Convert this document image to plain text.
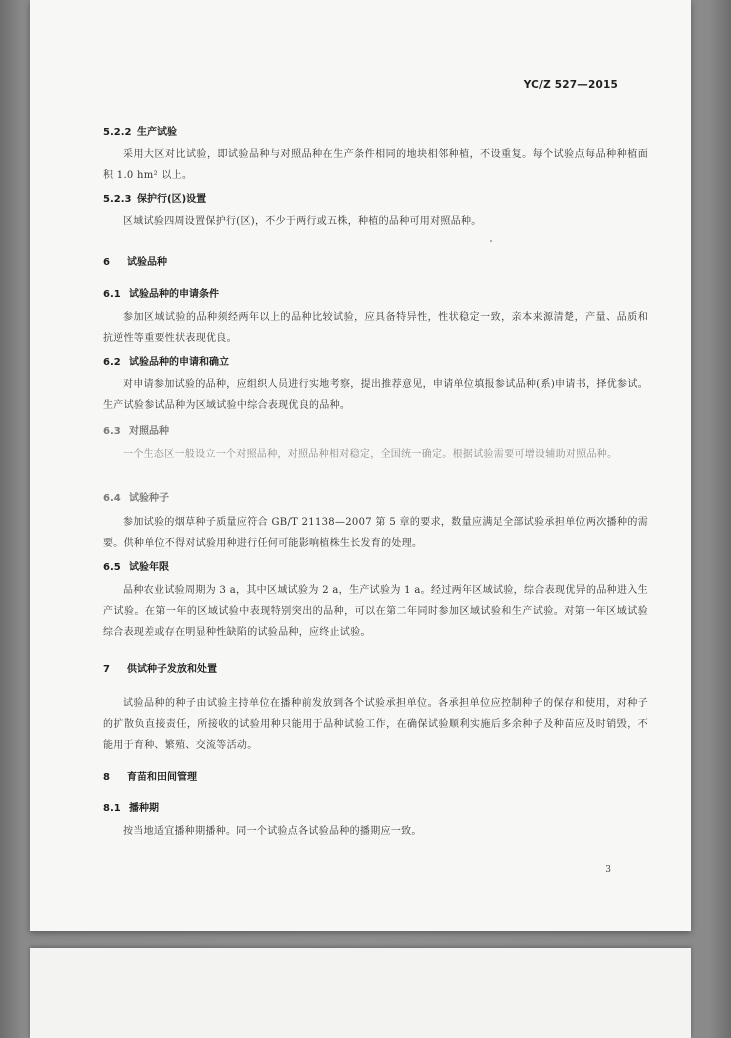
YC/Z 527—2015
5.2.2 生产试验
采用大区对比试验，即试验品种与对照品种在生产条件相同的地块相邻种植，不设重复。每个试验点每品种种植面积 1.0 hm² 以上。
5.2.3 保护行(区)设置
区域试验四周设置保护行(区)，不少于两行或五株，种植的品种可用对照品种。
6 试验品种
6.1 试验品种的申请条件
参加区域试验的品种须经两年以上的品种比较试验，应具备特异性，性状稳定一致，亲本来源清楚，产量、品质和抗逆性等重要性状表现优良。
6.2 试验品种的申请和确立
对申请参加试验的品种，应组织人员进行实地考察，提出推荐意见，申请单位填报参试品种(系)申请书，择优参试。生产试验参试品种为区域试验中综合表现优良的品种。
6.3 对照品种
一个生态区一般设立一个对照品种，对照品种相对稳定，全国统一确定。根据试验需要可增设辅助对照品种。
6.4 试验种子
参加试验的烟草种子质量应符合 GB/T 21138—2007 第 5 章的要求，数量应满足全部试验承担单位两次播种的需要。供种单位不得对试验用种进行任何可能影响植株生长发育的处理。
6.5 试验年限
品种农业试验周期为 3 a，其中区域试验为 2 a，生产试验为 1 a。经过两年区域试验，综合表现优异的品种进入生产试验。在第一年的区域试验中表现特别突出的品种，可以在第二年同时参加区域试验和生产试验。对第一年区域试验综合表现差或存在明显种性缺陷的试验品种，应终止试验。
7 供试种子发放和处置
试验品种的种子由试验主持单位在播种前发放到各个试验承担单位。各承担单位应控制种子的保存和使用，对种子的扩散负直接责任，所接收的试验用种只能用于品种试验工作，在确保试验顺利实施后多余种子及种苗应及时销毁，不能用于育种、繁殖、交流等活动。
8 育苗和田间管理
8.1 播种期
按当地适宜播种期播种。同一个试验点各试验品种的播期应一致。
3
